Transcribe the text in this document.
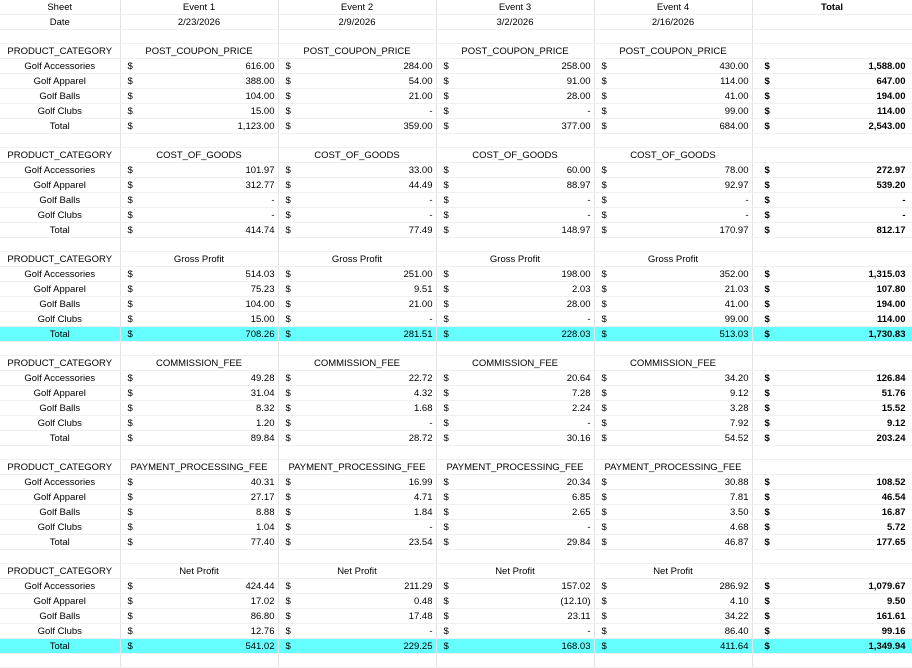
Sheet	Event 1	Event 2	Event 3	Event 4	Total
Date	2/23/2026	2/9/2026	3/2/2026	2/16/2026	

PRODUCT_CATEGORY	POST_COUPON_PRICE	POST_COUPON_PRICE	POST_COUPON_PRICE	POST_COUPON_PRICE	
Golf Accessories	$ 616.00	$ 284.00	$ 258.00	$ 430.00	$ 1,588.00

Golf Apparel	$ 388.00	$ 54.00	$ 91.00	$ 114.00	$ 647.00

Golf Balls	$ 104.00	$ 21.00	$ 28.00	$ 41.00	$ 194.00

Golf Clubs	$ 15.00	$ -	$ -	$ 99.00	$ 114.00

Total	$ 1,123.00	$ 359.00	$ 377.00	$ 684.00	$ 2,543.00

PRODUCT_CATEGORY	COST_OF_GOODS	COST_OF_GOODS	COST_OF_GOODS	COST_OF_GOODS	
Golf Accessories	$ 101.97	$ 33.00	$ 60.00	$ 78.00	$ 272.97

Golf Apparel	$ 312.77	$ 44.49	$ 88.97	$ 92.97	$ 539.20

Golf Balls	$ -	$ -	$ -	$ -	$ -

Golf Clubs	$ -	$ -	$ -	$ -	$ -

Total	$ 414.74	$ 77.49	$ 148.97	$ 170.97	$ 812.17

PRODUCT_CATEGORY	Gross Profit	Gross Profit	Gross Profit	Gross Profit	
Golf Accessories	$ 514.03	$ 251.00	$ 198.00	$ 352.00	$ 1,315.03

Golf Apparel	$ 75.23	$ 9.51	$ 2.03	$ 21.03	$ 107.80

Golf Balls	$ 104.00	$ 21.00	$ 28.00	$ 41.00	$ 194.00

Golf Clubs	$ 15.00	$ -	$ -	$ 99.00	$ 114.00

Total	$ 708.26	$ 281.51	$ 228.03	$ 513.03	$ 1,730.83

PRODUCT_CATEGORY	COMMISSION_FEE	COMMISSION_FEE	COMMISSION_FEE	COMMISSION_FEE	
Golf Accessories	$ 49.28	$ 22.72	$ 20.64	$ 34.20	$ 126.84

Golf Apparel	$ 31.04	$ 4.32	$ 7.28	$ 9.12	$ 51.76

Golf Balls	$ 8.32	$ 1.68	$ 2.24	$ 3.28	$ 15.52

Golf Clubs	$ 1.20	$ -	$ -	$ 7.92	$ 9.12

Total	$ 89.84	$ 28.72	$ 30.16	$ 54.52	$ 203.24

PRODUCT_CATEGORY	PAYMENT_PROCESSING_FEE	PAYMENT_PROCESSING_FEE	PAYMENT_PROCESSING_FEE	PAYMENT_PROCESSING_FEE	
Golf Accessories	$ 40.31	$ 16.99	$ 20.34	$ 30.88	$ 108.52

Golf Apparel	$ 27.17	$ 4.71	$ 6.85	$ 7.81	$ 46.54

Golf Balls	$ 8.88	$ 1.84	$ 2.65	$ 3.50	$ 16.87

Golf Clubs	$ 1.04	$ -	$ -	$ 4.68	$ 5.72

Total	$ 77.40	$ 23.54	$ 29.84	$ 46.87	$ 177.65

PRODUCT_CATEGORY	Net Profit	Net Profit	Net Profit	Net Profit	
Golf Accessories	$ 424.44	$ 211.29	$ 157.02	$ 286.92	$ 1,079.67

Golf Apparel	$ 17.02	$ 0.48	$ (12.10)	$ 4.10	$ 9.50

Golf Balls	$ 86.80	$ 17.48	$ 23.11	$ 34.22	$ 161.61

Golf Clubs	$ 12.76	$ -	$ -	$ 86.40	$ 99.16

Total	$ 541.02	$ 229.25	$ 168.03	$ 411.64	$ 1,349.94
